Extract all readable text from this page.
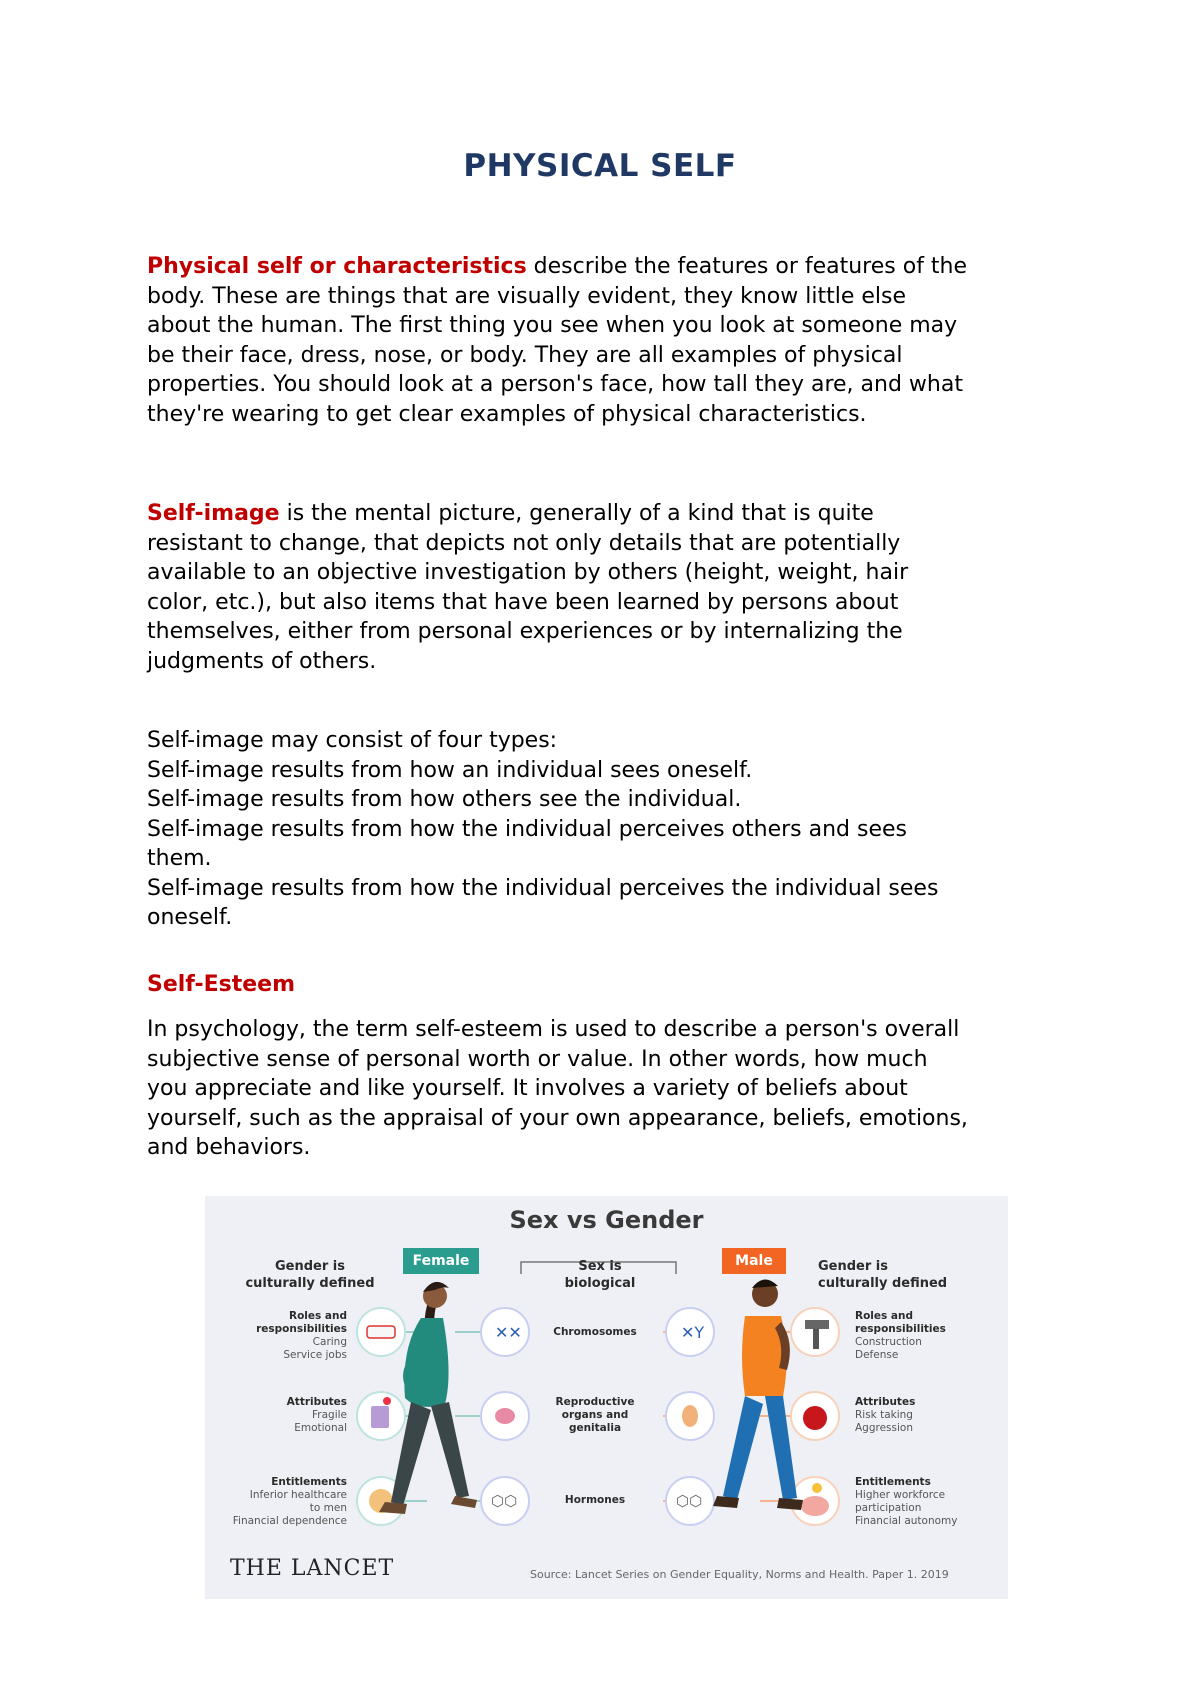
PHYSICAL SELF

Physical self or characteristics describe the features or features of the
body. These are things that are visually evident, they know little else
about the human. The first thing you see when you look at someone may
be their face, dress, nose, or body. They are all examples of physical
properties. You should look at a person's face, how tall they are, and what
they're wearing to get clear examples of physical characteristics.

Self-image is the mental picture, generally of a kind that is quite
resistant to change, that depicts not only details that are potentially
available to an objective investigation by others (height, weight, hair
color, etc.), but also items that have been learned by persons about
themselves, either from personal experiences or by internalizing the
judgments of others.

Self-image may consist of four types:
Self-image results from how an individual sees oneself.
Self-image results from how others see the individual.
Self-image results from how the individual perceives others and sees
them.
Self-image results from how the individual perceives the individual sees
oneself.

Self-Esteem

In psychology, the term self-esteem is used to describe a person's overall
subjective sense of personal worth or value. In other words, how much
you appreciate and like yourself. It involves a variety of beliefs about
yourself, such as the appraisal of your own appearance, beliefs, emotions,
and behaviors.

✕✕	✕Y
⬡⬡	⬡⬡
Sex vs Gender
Female	Male
Gender is
culturally defined
Sex is
biological
Gender is
culturally defined
Roles and
responsibilities
Caring
Service jobs
Attributes
Fragile
Emotional
Entitlements
Inferior healthcare
to men
Financial dependence
Chromosomes
Reproductive
organs and
genitalia
Hormones
Roles and
responsibilities
Construction
Defense
Attributes
Risk taking
Aggression
Entitlements
Higher workforce
participation
Financial autonomy
THE LANCET	Source: Lancet Series on Gender Equality, Norms and Health. Paper 1. 2019
